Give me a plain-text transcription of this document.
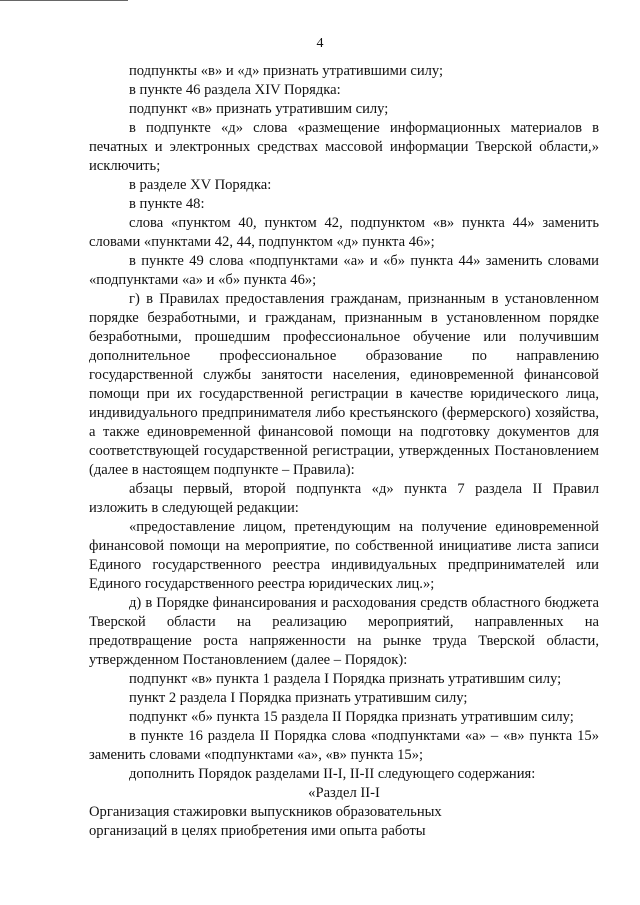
4

подпункты «в» и «д» признать утратившими силу;

в пункте 46 раздела XIV Порядка:

подпункт «в» признать утратившим силу;

в подпункте «д» слова «размещение информационных материалов в печатных и электронных средствах массовой информации Тверской области,» исключить;

в разделе XV Порядка:

в пункте 48:

слова «пунктом 40, пунктом 42, подпунктом «в» пункта 44» заменить словами «пунктами 42, 44, подпунктом «д» пункта 46»;

в пункте 49 слова «подпунктами «а» и «б» пункта 44» заменить словами «подпунктами «а» и «б» пункта 46»;

г) в Правилах предоставления гражданам, признанным в установленном порядке безработными, и гражданам, признанным в установленном порядке безработными, прошедшим профессиональное обучение или получившим дополнительное профессиональное образование по направлению государственной службы занятости населения, единовременной финансовой помощи при их государственной регистрации в качестве юридического лица, индивидуального предпринимателя либо крестьянского (фермерского) хозяйства, а также единовременной финансовой помощи на подготовку документов для соответствующей государственной регистрации, утвержденных Постановлением (далее в настоящем подпункте – Правила):

абзацы первый, второй подпункта «д» пункта 7 раздела II Правил изложить в следующей редакции:

«предоставление лицом, претендующим на получение единовременной финансовой помощи на мероприятие, по собственной инициативе листа записи Единого государственного реестра индивидуальных предпринимателей или Единого государственного реестра юридических лиц.»;

д) в Порядке финансирования и расходования средств областного бюджета Тверской области на реализацию мероприятий, направленных на предотвращение роста напряженности на рынке труда Тверской области, утвержденном Постановлением (далее – Порядок):

подпункт «в» пункта 1 раздела I Порядка признать утратившим силу;

пункт 2 раздела I Порядка признать утратившим силу;

подпункт «б» пункта 15 раздела II Порядка признать утратившим силу;

в пункте 16 раздела II Порядка слова «подпунктами «а» – «в» пункта 15» заменить словами «подпунктами «а», «в» пункта 15»;

дополнить Порядок разделами II-I, II-II следующего содержания:

«Раздел II-I

Организация стажировки выпускников образовательных

организаций в целях приобретения ими опыта работы
